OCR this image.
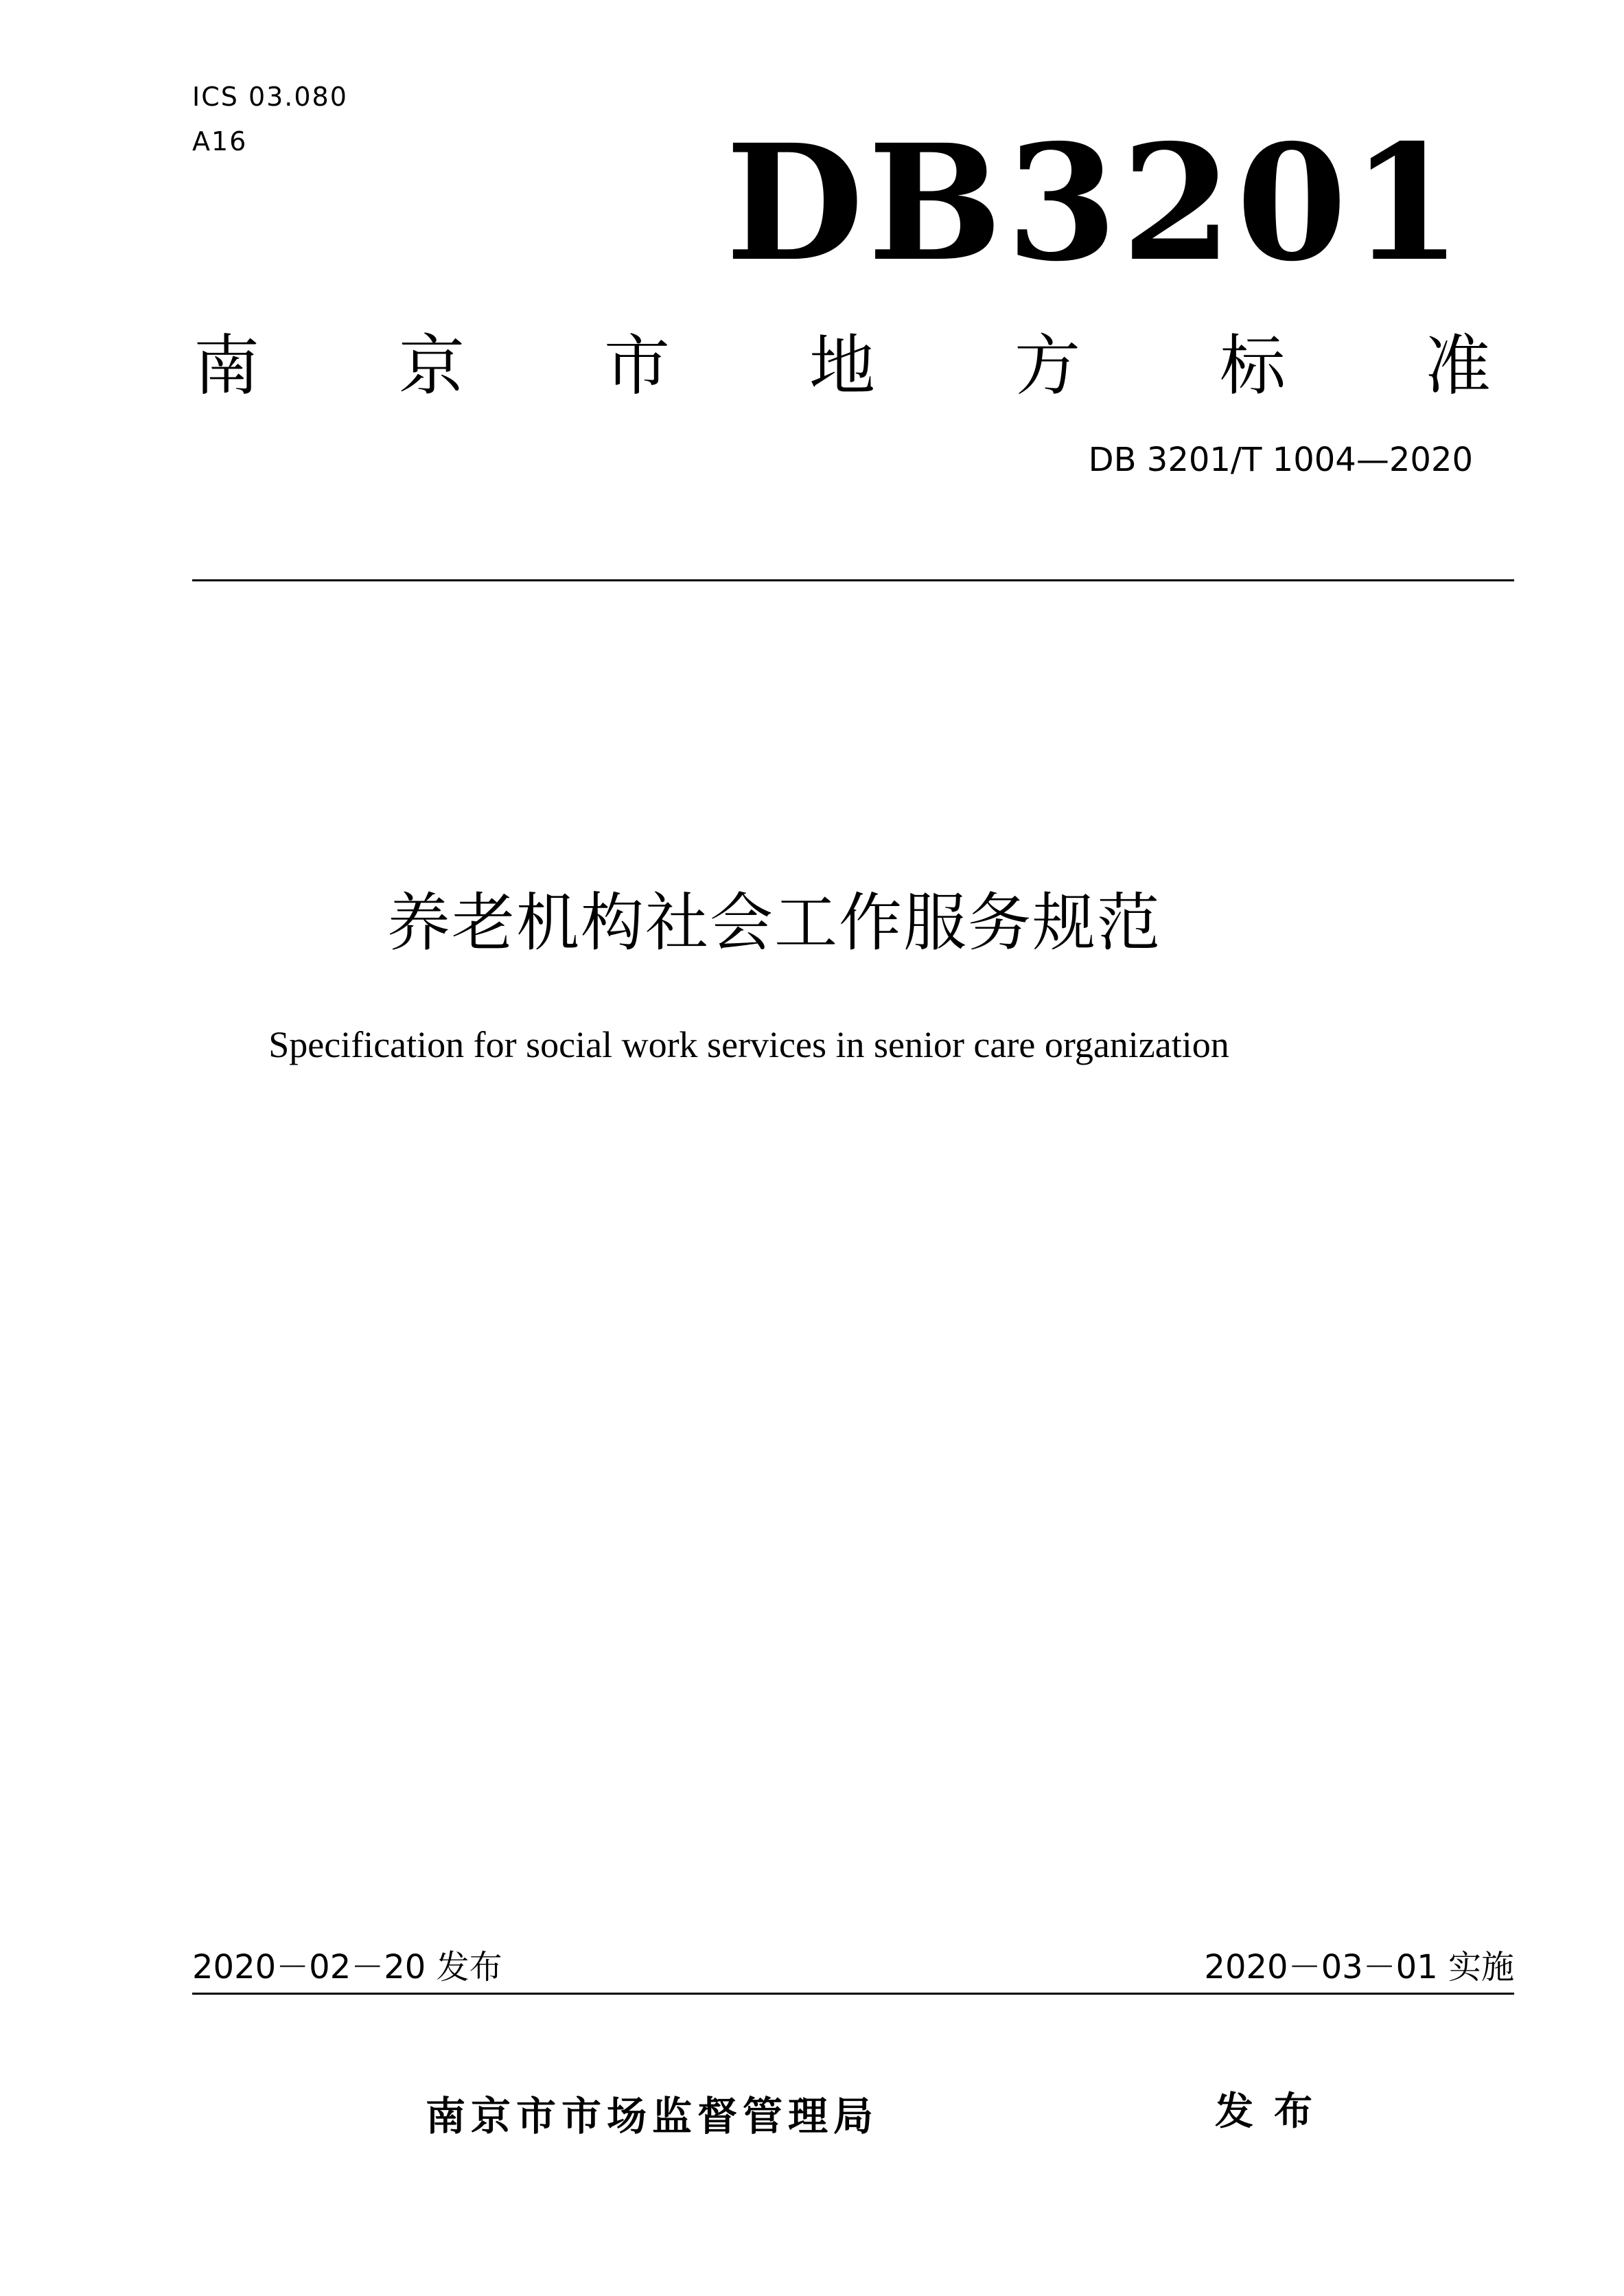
ICS 03.080
A16	DB3201
南 京 市 地 方 标 准
DB 3201/T 1004—2020
养老机构社会工作服务规范
Specification for social work services in senior care organization
2020－02－20 发布	2020－03－01 实施
南京市市场监督管理局	发布
